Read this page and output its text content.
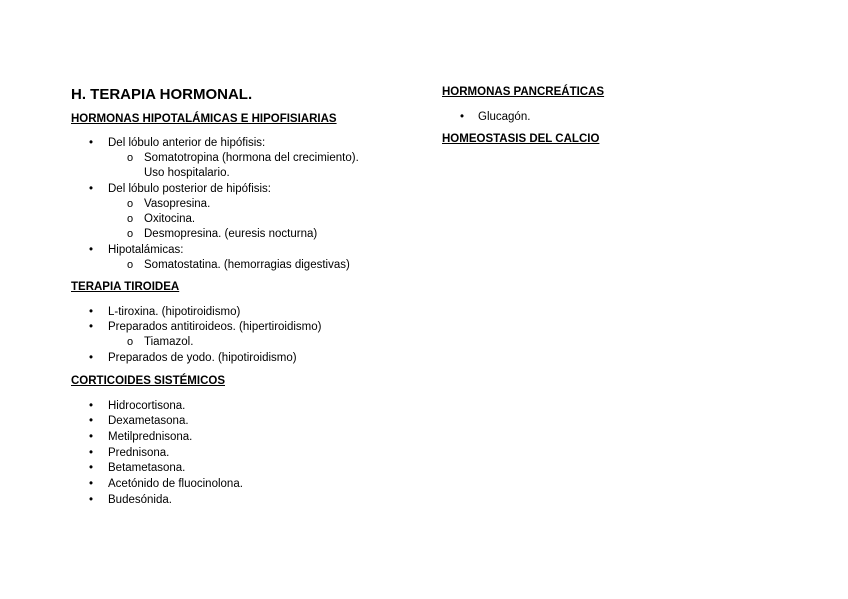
H. TERAPIA HORMONAL.
HORMONAS HIPOTALÁMICAS E HIPOFISIARIAS
• Del lóbulo anterior de hipófisis:
o Somatotropina (hormona del crecimiento).
Uso hospitalario.
• Del lóbulo posterior de hipófisis:
o Vasopresina.
o Oxitocina.
o Desmopresina. (euresis nocturna)
• Hipotalámicas:
o Somatostatina. (hemorragias digestivas)
TERAPIA TIROIDEA
• L-tiroxina. (hipotiroidismo)
• Preparados antitiroideos. (hipertiroidismo)
o Tiamazol.
• Preparados de yodo. (hipotiroidismo)
CORTICOIDES SISTÉMICOS
• Hidrocortisona.
• Dexametasona.
• Metilprednisona.
• Prednisona.
• Betametasona.
• Acetónido de fluocinolona.
• Budesónida.
HORMONAS PANCREÁTICAS
• Glucagón.
HOMEOSTASIS DEL CALCIO
